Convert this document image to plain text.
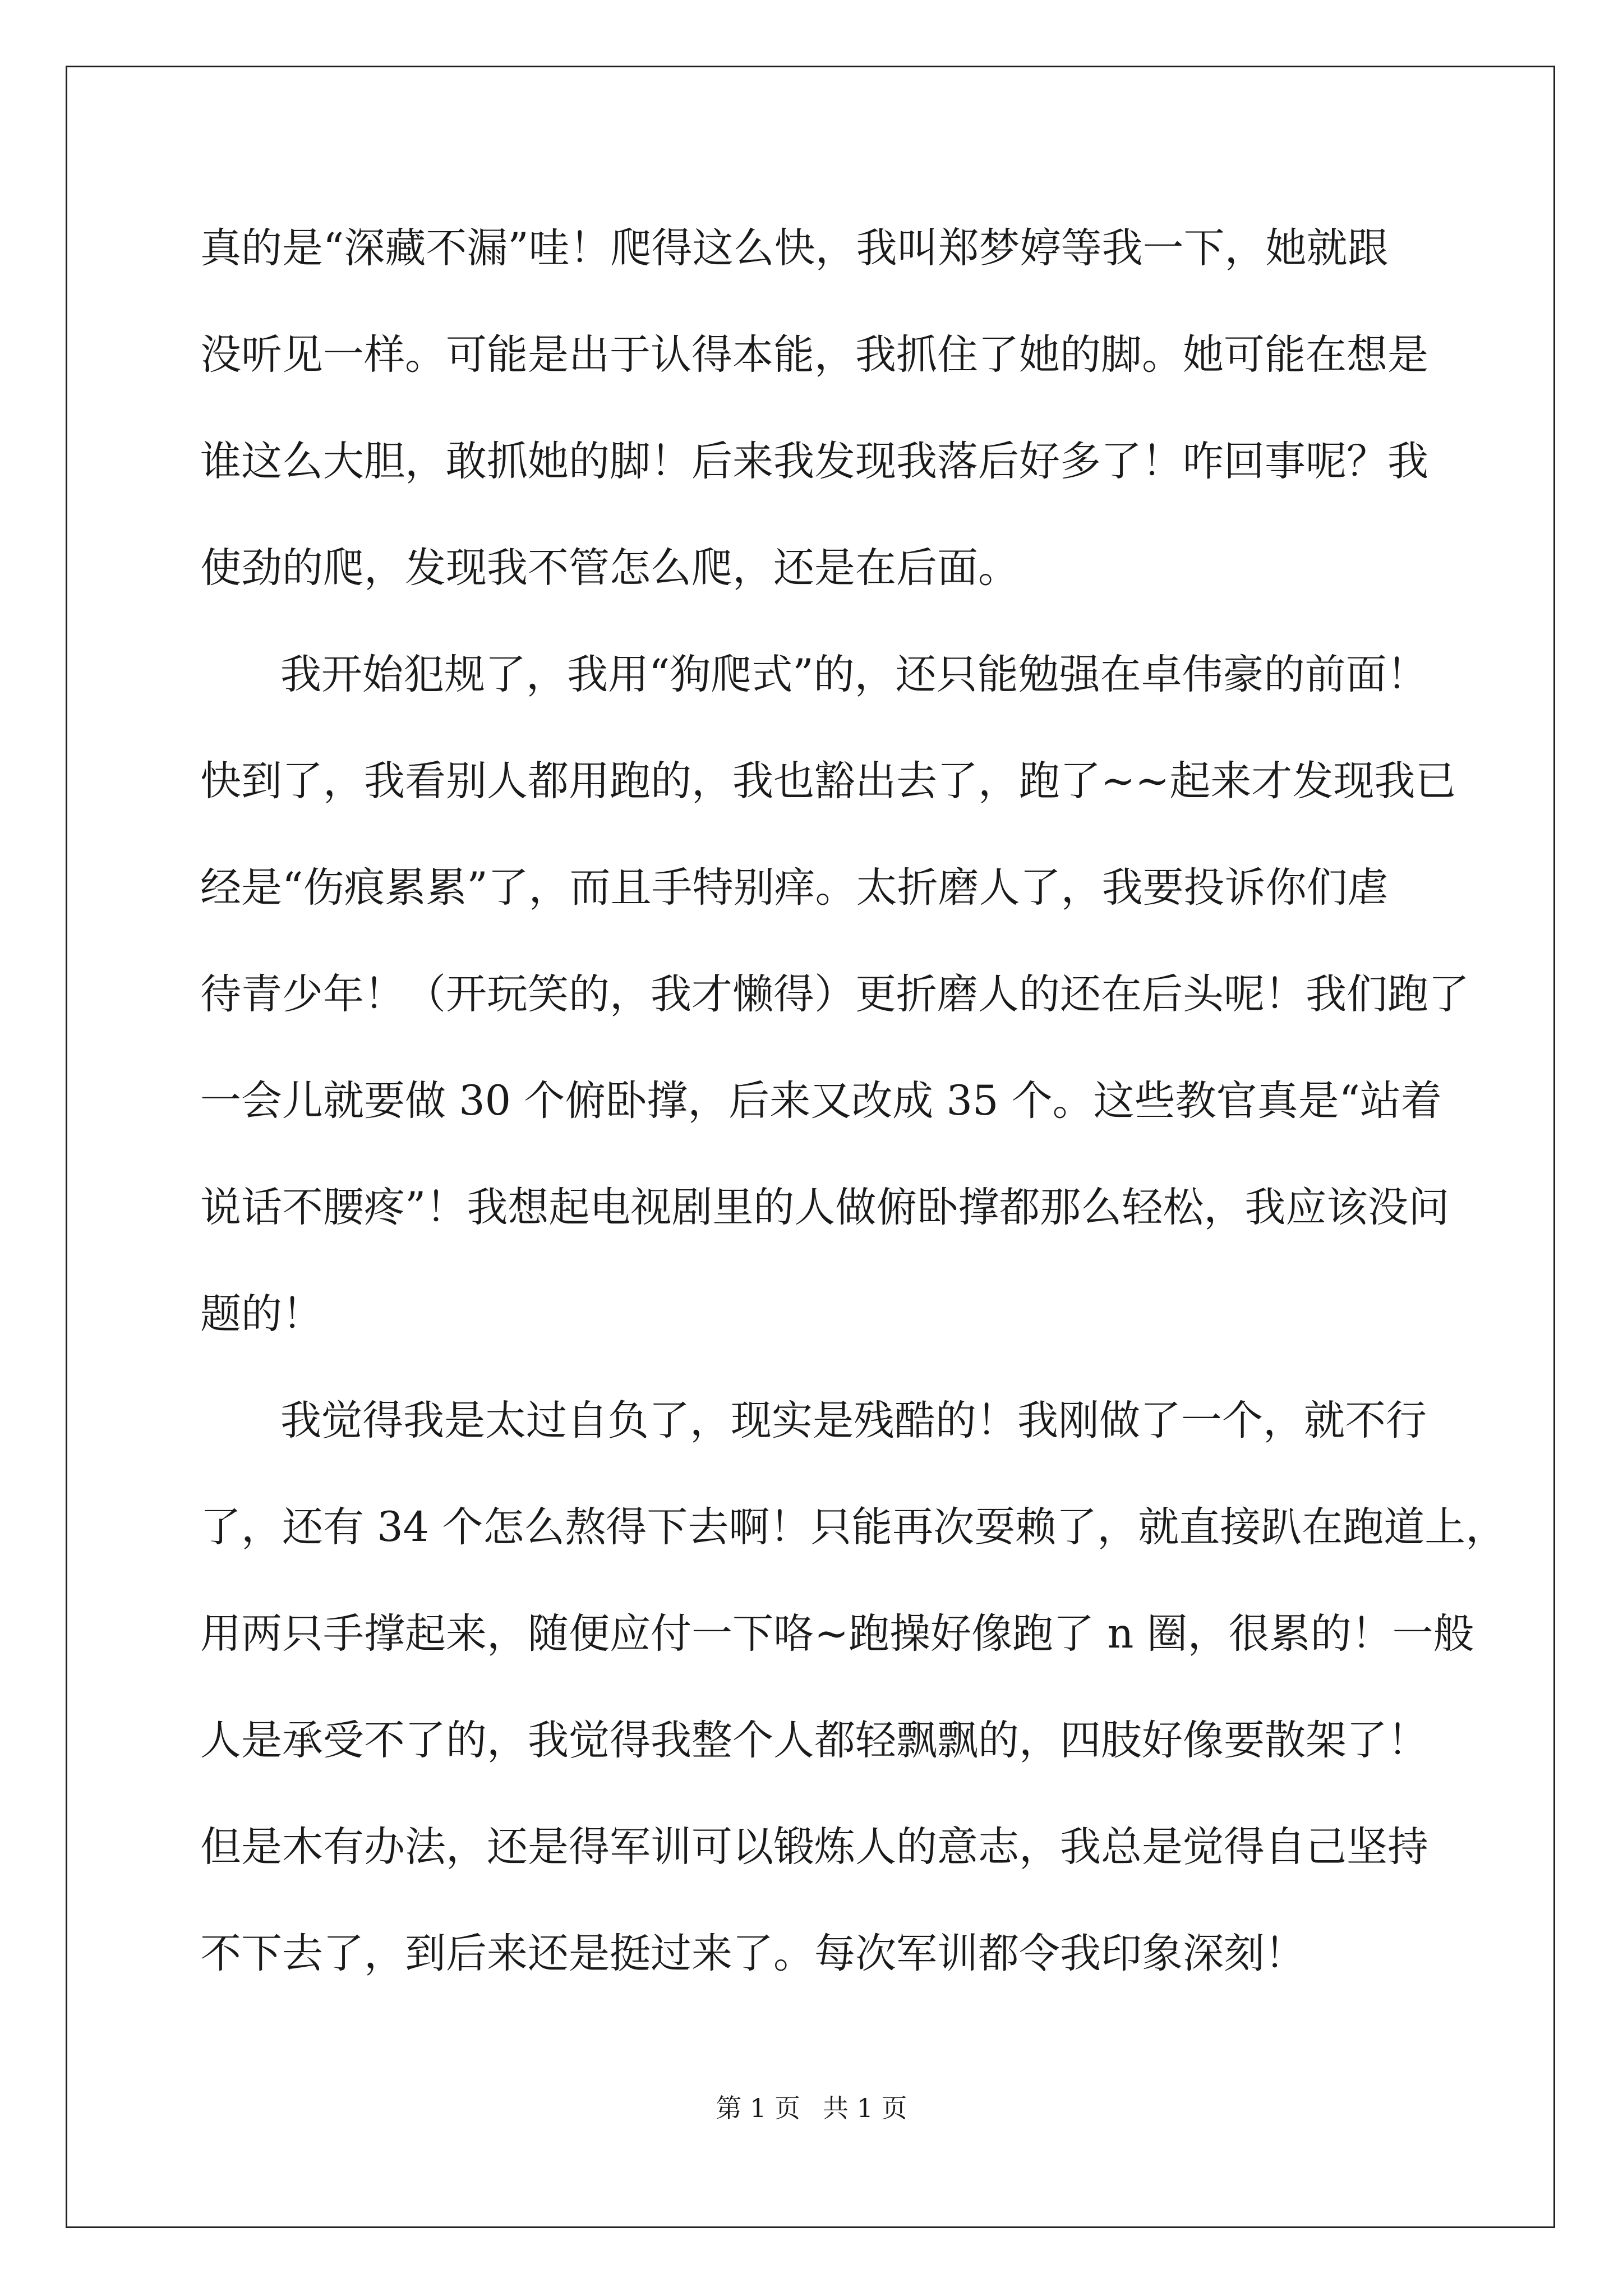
真的是“深藏不漏”哇！爬得这么快，我叫郑梦婷等我一下，她就跟
没听见一样。可能是出于认得本能，我抓住了她的脚。她可能在想是
谁这么大胆，敢抓她的脚！后来我发现我落后好多了！咋回事呢？我
使劲的爬，发现我不管怎么爬，还是在后面。
我开始犯规了，我用“狗爬式”的，还只能勉强在卓伟豪的前面！
快到了，我看别人都用跑的，我也豁出去了，跑了~~起来才发现我已
经是“伤痕累累”了，而且手特别痒。太折磨人了，我要投诉你们虐
待青少年！（开玩笑的，我才懒得）更折磨人的还在后头呢！我们跑了
一会儿就要做 30 个俯卧撑，后来又改成 35 个。这些教官真是“站着
说话不腰疼”！我想起电视剧里的人做俯卧撑都那么轻松，我应该没问
题的！
我觉得我是太过自负了，现实是残酷的！我刚做了一个，就不行
了，还有 34 个怎么熬得下去啊！只能再次耍赖了，就直接趴在跑道上，
用两只手撑起来，随便应付一下咯~跑操好像跑了 n 圈，很累的！一般
人是承受不了的，我觉得我整个人都轻飘飘的，四肢好像要散架了！
但是木有办法，还是得军训可以锻炼人的意志，我总是觉得自己坚持
不下去了，到后来还是挺过来了。每次军训都令我印象深刻！
第 1 页 共 1 页
